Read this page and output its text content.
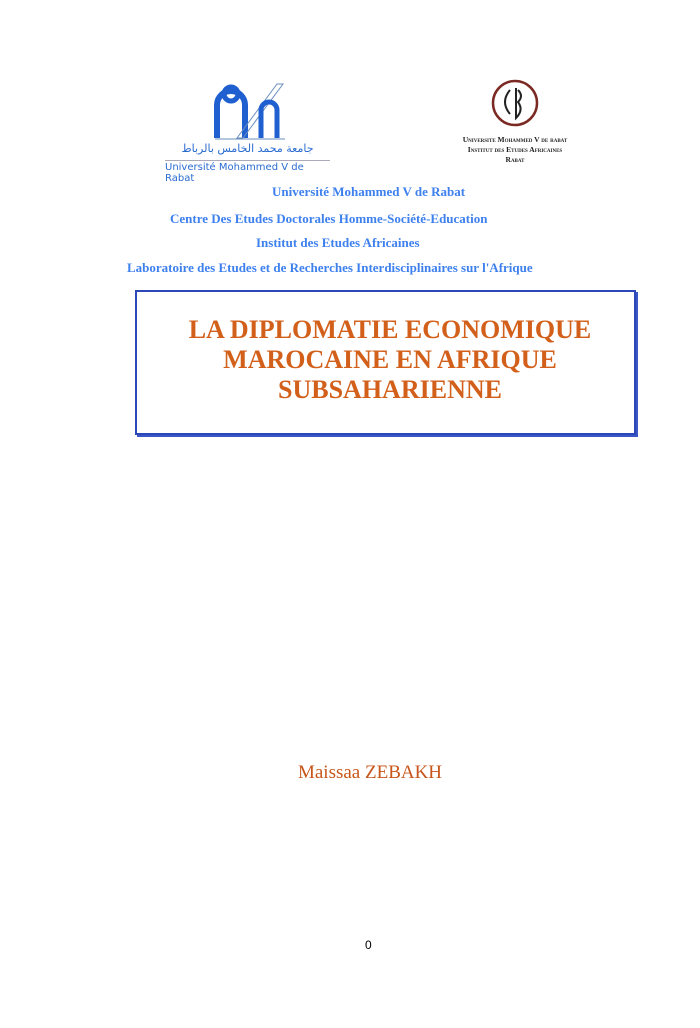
جامعة محمد الخامس بالرباط
Université Mohammed V de Rabat
Universite Mohammed V de rabat
Institut des Etudes Africaines
Rabat
Université Mohammed V de Rabat
Centre Des Etudes Doctorales Homme-Société-Education
Institut des Etudes Africaines
Laboratoire des Etudes et de Recherches Interdisciplinaires sur l'Afrique
LA DIPLOMATIE ECONOMIQUE
MAROCAINE EN AFRIQUE
SUBSAHARIENNE
Maissaa ZEBAKH
0
